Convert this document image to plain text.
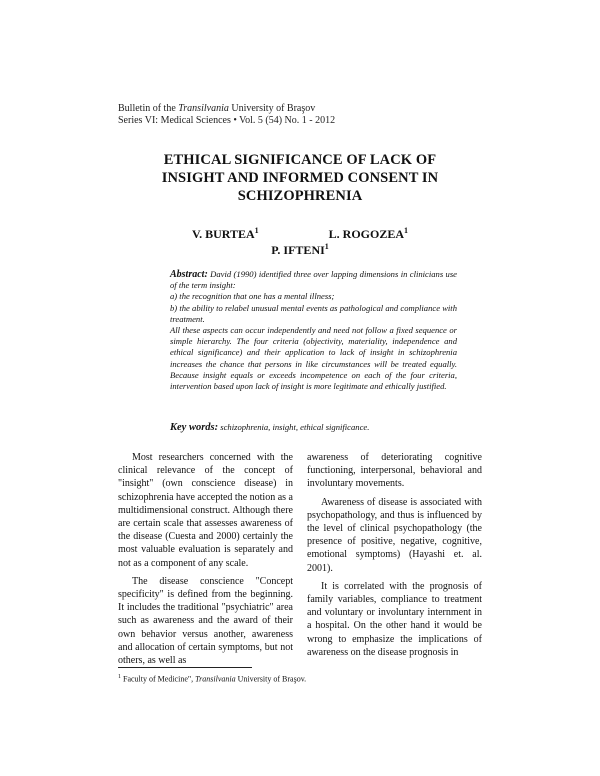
Bulletin of the Transilvania University of Braşov
Series VI: Medical Sciences • Vol. 5 (54) No. 1 - 2012
ETHICAL SIGNIFICANCE OF LACK OF
INSIGHT AND INFORMED CONSENT IN
SCHIZOPHRENIA
V. BURTEA$^1$	L. ROGOZEA$^1$
P. IFTENI$^1$

Abstract: David (1990) identified three over lapping dimensions in clinicians use of the term insight:

a) the recognition that one has a mental illness;

b) the ability to relabel unusual mental events as pathological and compliance with treatment.

All these aspects can occur independently and need not follow a fixed sequence or simple hierarchy. The four criteria (objectivity, materiality, independence and ethical significance) and their application to lack of insight in schizophrenia increases the chance that persons in like circumstances will be treated equally. Because insight equals or exceeds incompetence on each of the four criteria, intervention based upon lack of insight is more legitimate and ethically justified.

Key words: schizophrenia, insight, ethical significance.

Most researchers concerned with the clinical relevance of the concept of "insight" (own conscience disease) in schizophrenia have accepted the notion as a multidimensional construct. Although there are certain scale that assesses awareness of the disease (Cuesta and 2000) certainly the most valuable evaluation is separately and not as a component of any scale.

The disease conscience "Concept specificity" is defined from the beginning. It includes the traditional "psychiatric" area such as awareness and the award of their own behavior versus another, awareness and allocation of certain symptoms, but not others, as well as

awareness of deteriorating cognitive functioning, interpersonal, behavioral and involuntary movements.

Awareness of disease is associated with psychopathology, and thus is influenced by the level of clinical psychopathology (the presence of positive, negative, cognitive, emotional symptoms) (Hayashi et. al. 2001).

It is correlated with the prognosis of family variables, compliance to treatment and voluntary or involuntary internment in a hospital. On the other hand it would be wrong to emphasize the implications of awareness on the disease prognosis in

$^1$ Faculty of Medicine", Transilvania University of Braşov.
